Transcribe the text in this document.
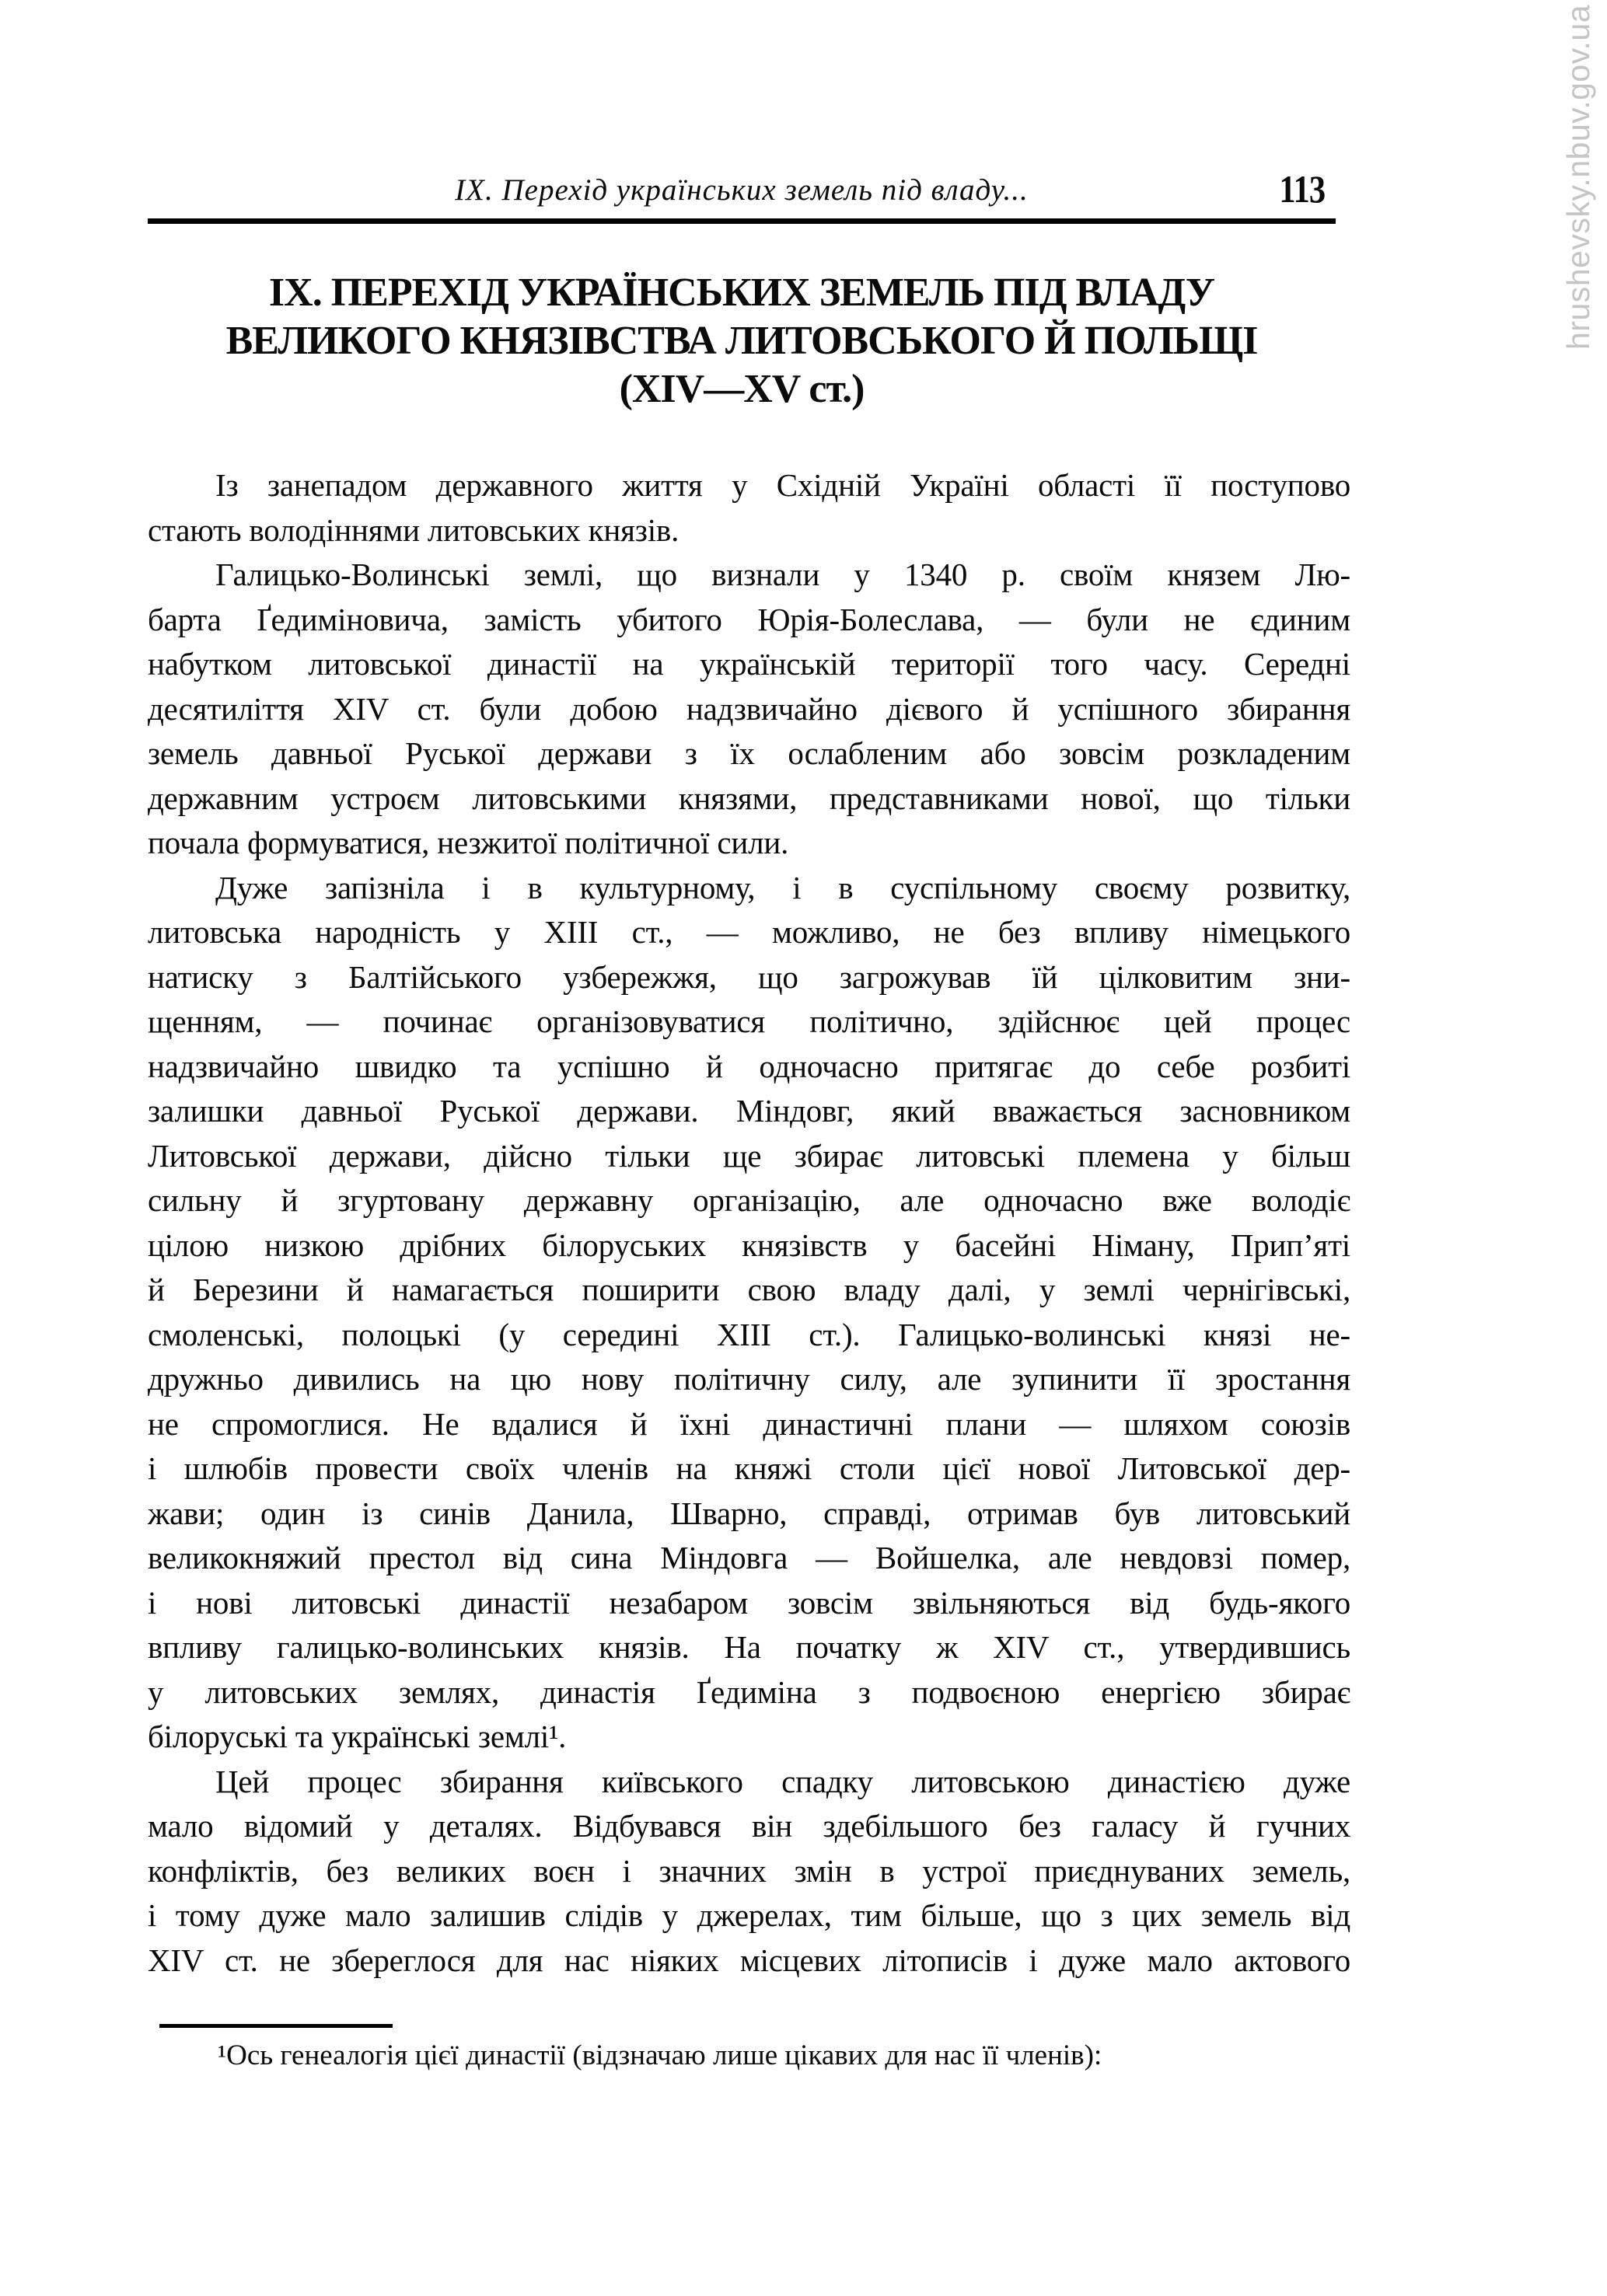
IX. Перехід українських земель під владу...	113
IX. ПЕРЕХІД УКРАЇНСЬКИХ ЗЕМЕЛЬ ПІД ВЛАДУ
ВЕЛИКОГО КНЯЗІВСТВА ЛИТОВСЬКОГО Й ПОЛЬЩІ
(XIV—XV ст.)
Із занепадом державного життя у Східній Україні області її поступово
стають володіннями литовських князів.
Галицько-Волинські землі, що визнали у 1340 р. своїм князем Лю-
барта Ґедиміновича, замість убитого Юрія-Болеслава, — були не єдиним
набутком литовської династії на українській території того часу. Середні
десятиліття XIV ст. були добою надзвичайно дієвого й успішного збирання
земель давньої Руської держави з їх ослабленим або зовсім розкладеним
державним устроєм литовськими князями, представниками нової, що тільки
почала формуватися, незжитої політичної сили.
Дуже запізніла і в культурному, і в суспільному своєму розвитку,
литовська народність у XIII ст., — можливо, не без впливу німецького
натиску з Балтійського узбережжя, що загрожував їй цілковитим зни-
щенням, — починає організовуватися політично, здійснює цей процес
надзвичайно швидко та успішно й одночасно притягає до себе розбиті
залишки давньої Руської держави. Міндовг, який вважається засновником
Литовської держави, дійсно тільки ще збирає литовські племена у більш
сильну й згуртовану державну організацію, але одночасно вже володіє
цілою низкою дрібних білоруських князівств у басейні Німану, Прип’яті
й Березини й намагається поширити свою владу далі, у землі чернігівські,
смоленські, полоцькі (у середині XIII ст.). Галицько-волинські князі не-
дружньо дивились на цю нову політичну силу, але зупинити її зростання
не спромоглися. Не вдалися й їхні династичні плани — шляхом союзів
і шлюбів провести своїх членів на княжі столи цієї нової Литовської дер-
жави; один із синів Данила, Шварно, справді, отримав був литовський
великокняжий престол від сина Міндовга — Войшелка, але невдовзі помер,
і нові литовські династії незабаром зовсім звільняються від будь-якого
впливу галицько-волинських князів. На початку ж XIV ст., утвердившись
у литовських землях, династія Ґедиміна з подвоєною енергією збирає
білоруські та українські землі¹.
Цей процес збирання київського спадку литовською династією дуже
мало відомий у деталях. Відбувався він здебільшого без галасу й гучних
конфліктів, без великих воєн і значних змін в устрої приєднуваних земель,
і тому дуже мало залишив слідів у джерелах, тим більше, що з цих земель від
XIV ст. не збереглося для нас ніяких місцевих літописів і дуже мало актового
¹Ось генеалогія цієї династії (відзначаю лише цікавих для нас її членів):
hrushevsky.nbuv.gov.ua
